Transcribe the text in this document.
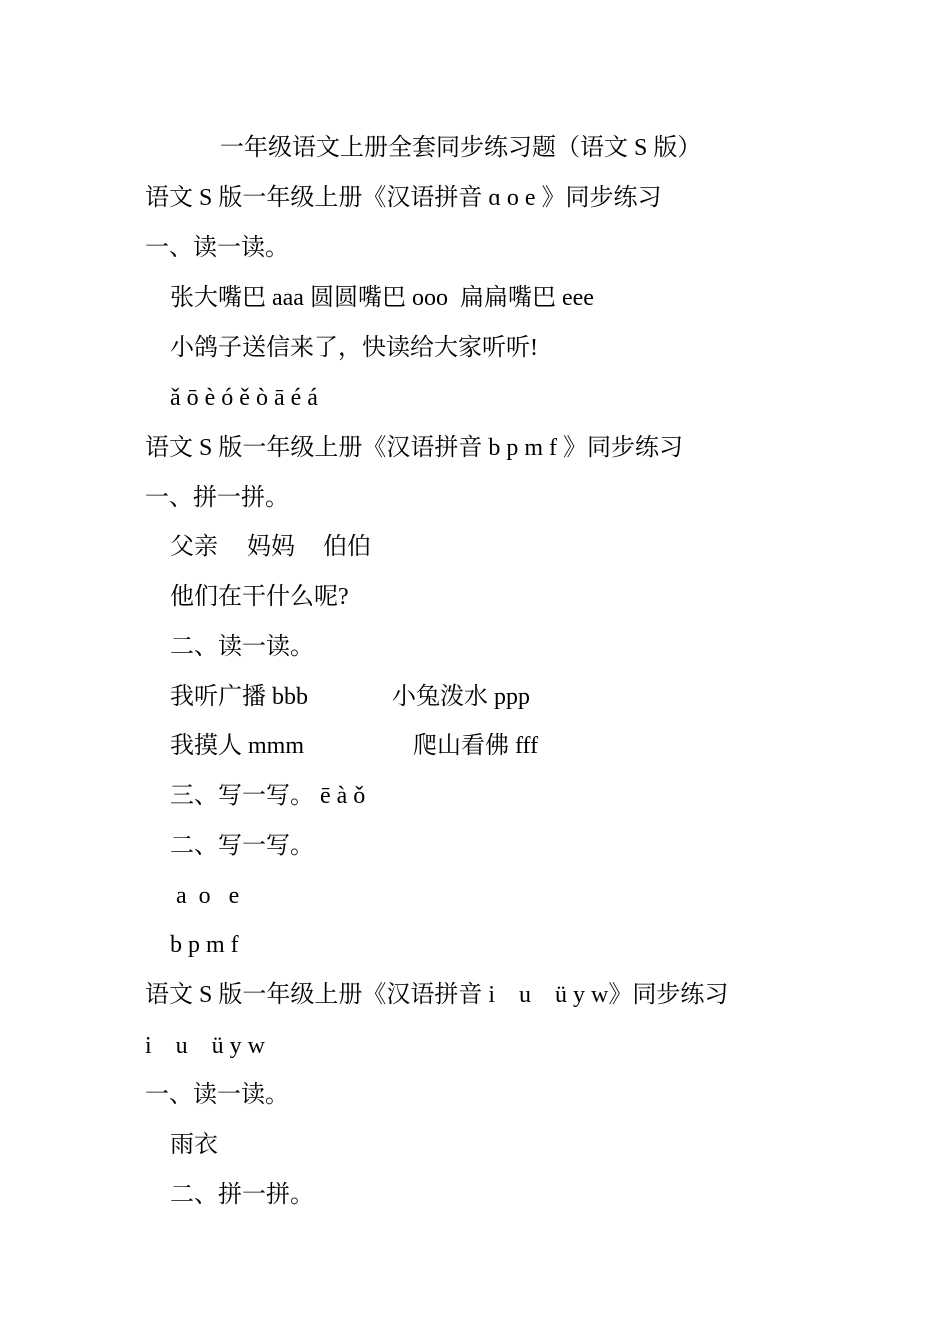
一年级语文上册全套同步练习题（语文 S 版）
语文 S 版一年级上册《汉语拼音 ɑ o e 》同步练习
一、读一读。
张大嘴巴 aaa 圆圆嘴巴 ooo  扁扁嘴巴 eee
小鸽子送信来了，快读给大家听听!
ǎ ō è ó ě ò ā é á
语文 S 版一年级上册《汉语拼音 b p m f 》同步练习
一、拼一拼。
父亲 妈妈 伯伯
他们在干什么呢?
二、读一读。
我听广播 bbb	小兔泼水 ppp
我摸人 mmm	爬山看佛 fff
三、写一写。 ē à ǒ
二、写一写。
a  o   e
b p m f
语文 S 版一年级上册《汉语拼音 i    u    ü y w》同步练习
i    u    ü y w
一、读一读。
雨衣
二、拼一拼。
